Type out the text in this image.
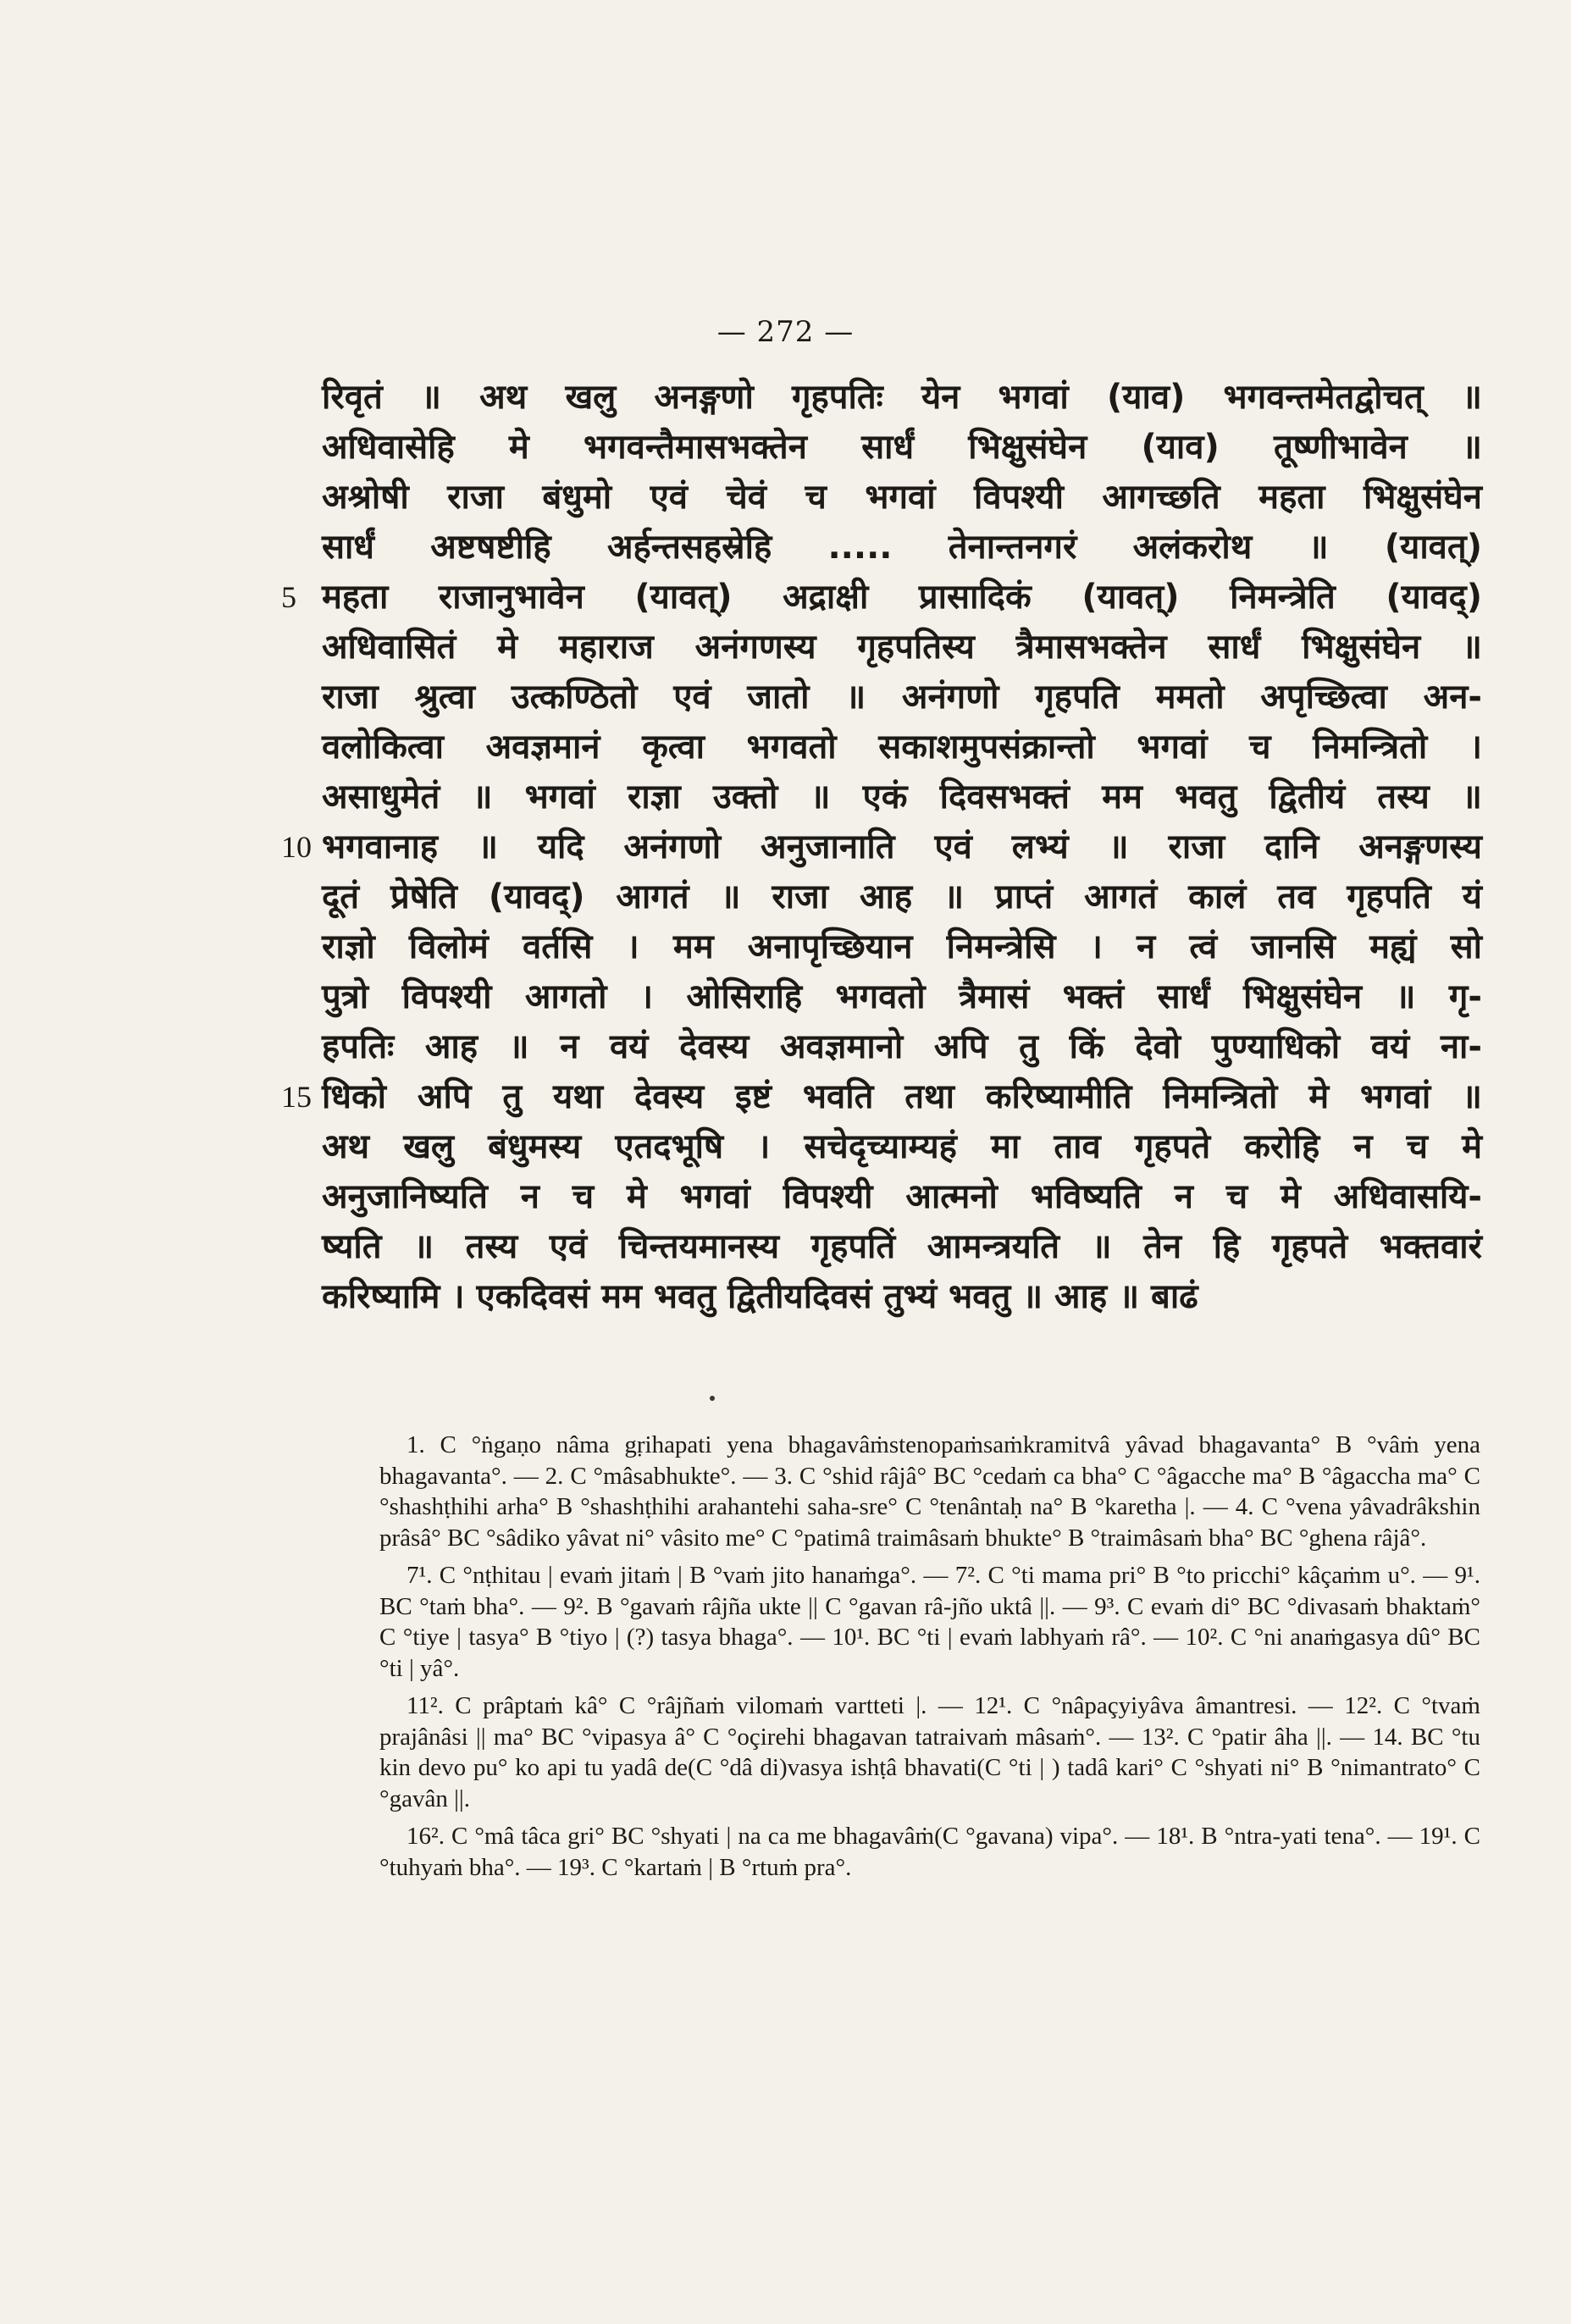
— 272 —
रिवृतं ॥ अथ खलु अनङ्गणो गृहपतिः येन भगवां (याव) भगवन्तमेतद्वोचत् ॥
अधिवासेहि मे भगवन्तैमासभक्तेन सार्धं भिक्षुसंघेन (याव) तूष्णीभावेन ॥
अश्रोषी राजा बंधुमो एवं चेवं च भगवां विपश्यी आगच्छति महता भिक्षुसंघेन
सार्धं अष्टषष्टीहि अर्हन्तसहस्रेहि ..... तेनान्तनगरं अलंकरोथ ॥ (यावत्)
5 महता राजानुभावेन (यावत्) अद्राक्षी प्रासादिकं (यावत्) निमन्त्रेति (यावद्)
अधिवासितं मे महाराज अनंगणस्य गृहपतिस्य त्रैमासभक्तेन सार्धं भिक्षुसंघेन ॥
राजा श्रुत्वा उत्कण्ठितो एवं जातो ॥ अनंगणो गृहपति ममतो अपृच्छित्वा अन-
वलोकित्वा अवज्ञमानं कृत्वा भगवतो सकाशमुपसंक्रान्तो भगवां च निमन्त्रितो ।
असाधुमेतं ॥ भगवां राज्ञा उक्तो ॥ एकं दिवसभक्तं मम भवतु द्वितीयं तस्य ॥
10 भगवानाह ॥ यदि अनंगणो अनुजानाति एवं लभ्यं ॥ राजा दानि अनङ्गणस्य
दूतं प्रेषेति (यावद्) आगतं ॥ राजा आह ॥ प्राप्तं आगतं कालं तव गृहपति यं
राज्ञो विलोमं वर्तसि । मम अनापृच्छियान निमन्त्रेसि । न त्वं जानसि मह्यं सो
पुत्रो विपश्यी आगतो । ओसिराहि भगवतो त्रैमासं भक्तं सार्धं भिक्षुसंघेन ॥ गृ-
हपतिः आह ॥ न वयं देवस्य अवज्ञमानो अपि तु किं देवो पुण्याधिको वयं ना-
15 धिको अपि तु यथा देवस्य इष्टं भवति तथा करिष्यामीति निमन्त्रितो मे भगवां ॥
अथ खलु बंधुमस्य एतदभूषि । सचेदृच्याम्यहं मा ताव गृहपते करोहि न च मे
अनुजानिष्यति न च मे भगवां विपश्यी आत्मनो भविष्यति न च मे अधिवासयि-
ष्यति ॥ तस्य एवं चिन्तयमानस्य गृहपतिं आमन्त्रयति ॥ तेन हि गृहपते भक्तवारं
करिष्यामि । एकदिवसं मम भवतु द्वितीयदिवसं तुभ्यं भवतु ॥ आह ॥ बाढं

1. C °ṅgaṇo nâma gṛihapati yena bhagavâṁstenopaṁsaṁkramitvâ yâvad bhagavanta° B °vâṁ yena bhagavanta°. — 2. C °mâsabhukte°. — 3. C °shid râjâ° BC °cedaṁ ca bha° C °âgacche ma° B °âgaccha ma° C °shashṭhihi arha° B °shashṭhihi arahantehi saha-sre° C °tenântaḥ na° B °karetha |. — 4. C °vena yâvadrâkshin prâsâ° BC °sâdiko yâvat ni° vâsito me° C °patimâ traimâsaṁ bhukte° B °traimâsaṁ bha° BC °ghena râjâ°.

7¹. C °nṭhitau | evaṁ jitaṁ | B °vaṁ jito hanaṁga°. — 7². C °ti mama pri° B °to pricchi° kâçaṁm u°. — 9¹. BC °taṁ bha°. — 9². B °gavaṁ râjña ukte || C °gavan râ-jño uktâ ||. — 9³. C evaṁ di° BC °divasaṁ bhaktaṁ° C °tiye | tasya° B °tiyo | (?) tasya bhaga°. — 10¹. BC °ti | evaṁ labhyaṁ râ°. — 10². C °ni anaṁgasya dû° BC °ti | yâ°.

11². C prâptaṁ kâ° C °râjñaṁ vilomaṁ vartteti |. — 12¹. C °nâpaçyiyâva âmantresi. — 12². C °tvaṁ prajânâsi || ma° BC °vipasya â° C °oçirehi bhagavan tatraivaṁ mâsaṁ°. — 13². C °patir âha ||. — 14. BC °tu kin devo pu° ko api tu yadâ de(C °dâ di)vasya ishṭâ bhavati(C °ti | ) tadâ kari° C °shyati ni° B °nimantrato° C °gavân ||.

16². C °mâ tâca gri° BC °shyati | na ca me bhagavâṁ(C °gavana) vipa°. — 18¹. B °ntra-yati tena°. — 19¹. C °tuhyaṁ bha°. — 19³. C °kartaṁ | B °rtuṁ pra°.
